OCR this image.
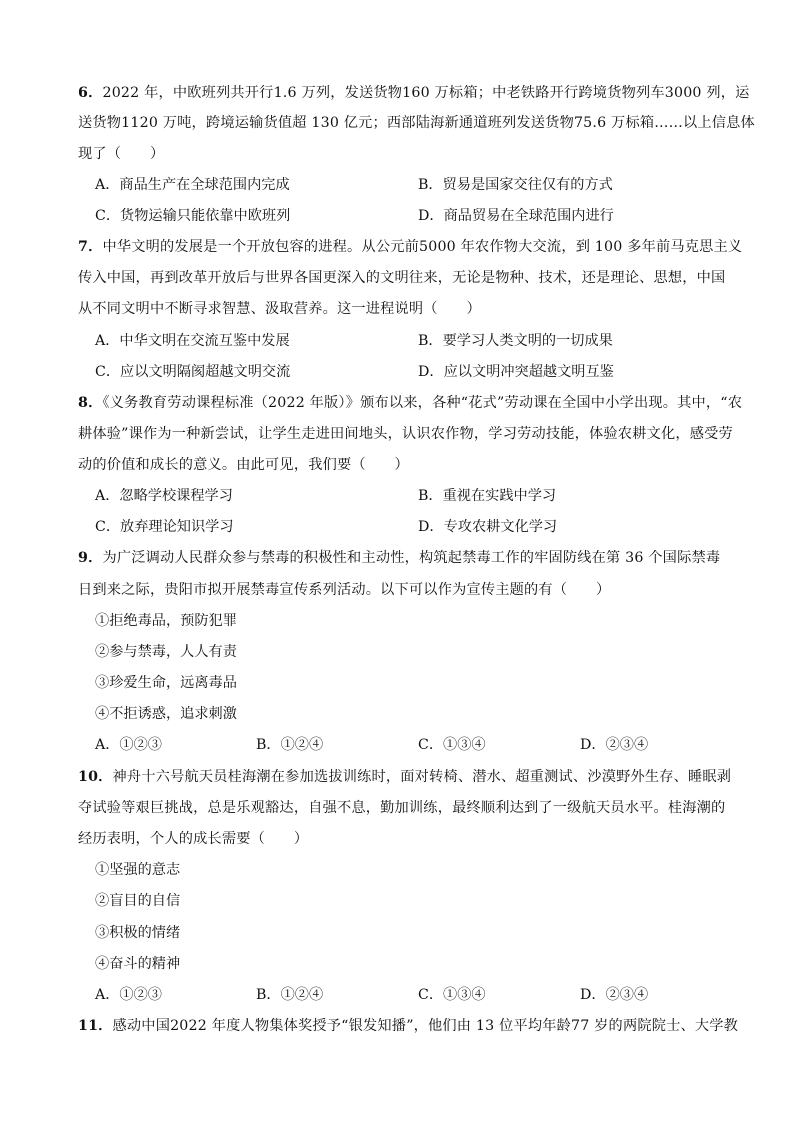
6．2022 年，中欧班列共开行1.6 万列，发送货物160 万标箱；中老铁路开行跨境货物列车3000 列，运
送货物1120 万吨，跨境运输货值超 130 亿元；西部陆海新通道班列发送货物75.6 万标箱……以上信息体
现了（　　）
A．商品生产在全球范围内完成	B．贸易是国家交往仅有的方式
C．货物运输只能依靠中欧班列	D．商品贸易在全球范围内进行
7．中华文明的发展是一个开放包容的进程。从公元前5000 年农作物大交流，到 100 多年前马克思主义
传入中国，再到改革开放后与世界各国更深入的文明往来，无论是物种、技术，还是理论、思想，中国
从不同文明中不断寻求智慧、汲取营养。这一进程说明（　　）
A．中华文明在交流互鉴中发展	B．要学习人类文明的一切成果
C．应以文明隔阂超越文明交流	D．应以文明冲突超越文明互鉴
8．《义务教育劳动课程标准（2022 年版）》颁布以来，各种“花式”劳动课在全国中小学出现。其中，“农
耕体验”课作为一种新尝试，让学生走进田间地头，认识农作物，学习劳动技能，体验农耕文化，感受劳
动的价值和成长的意义。由此可见，我们要（　　）
A．忽略学校课程学习	B．重视在实践中学习
C．放弃理论知识学习	D．专攻农耕文化学习
9．为广泛调动人民群众参与禁毒的积极性和主动性，构筑起禁毒工作的牢固防线在第 36 个国际禁毒
日到来之际，贵阳市拟开展禁毒宣传系列活动。以下可以作为宣传主题的有（　　）
①拒绝毒品，预防犯罪
②参与禁毒，人人有责
③珍爱生命，远离毒品
④不拒诱惑，追求刺激
A．①②③	B．①②④	C．①③④	D．②③④
10．神舟十六号航天员桂海潮在参加选拔训练时，面对转椅、潜水、超重测试、沙漠野外生存、睡眠剥
夺试验等艰巨挑战，总是乐观豁达，自强不息，勤加训练，最终顺利达到了一级航天员水平。桂海潮的
经历表明，个人的成长需要（　　）
①坚强的意志
②盲目的自信
③积极的情绪
④奋斗的精神
A．①②③	B．①②④	C．①③④	D．②③④
11．感动中国2022 年度人物集体奖授予“银发知播”，他们由 13 位平均年龄77 岁的两院院士、大学教
